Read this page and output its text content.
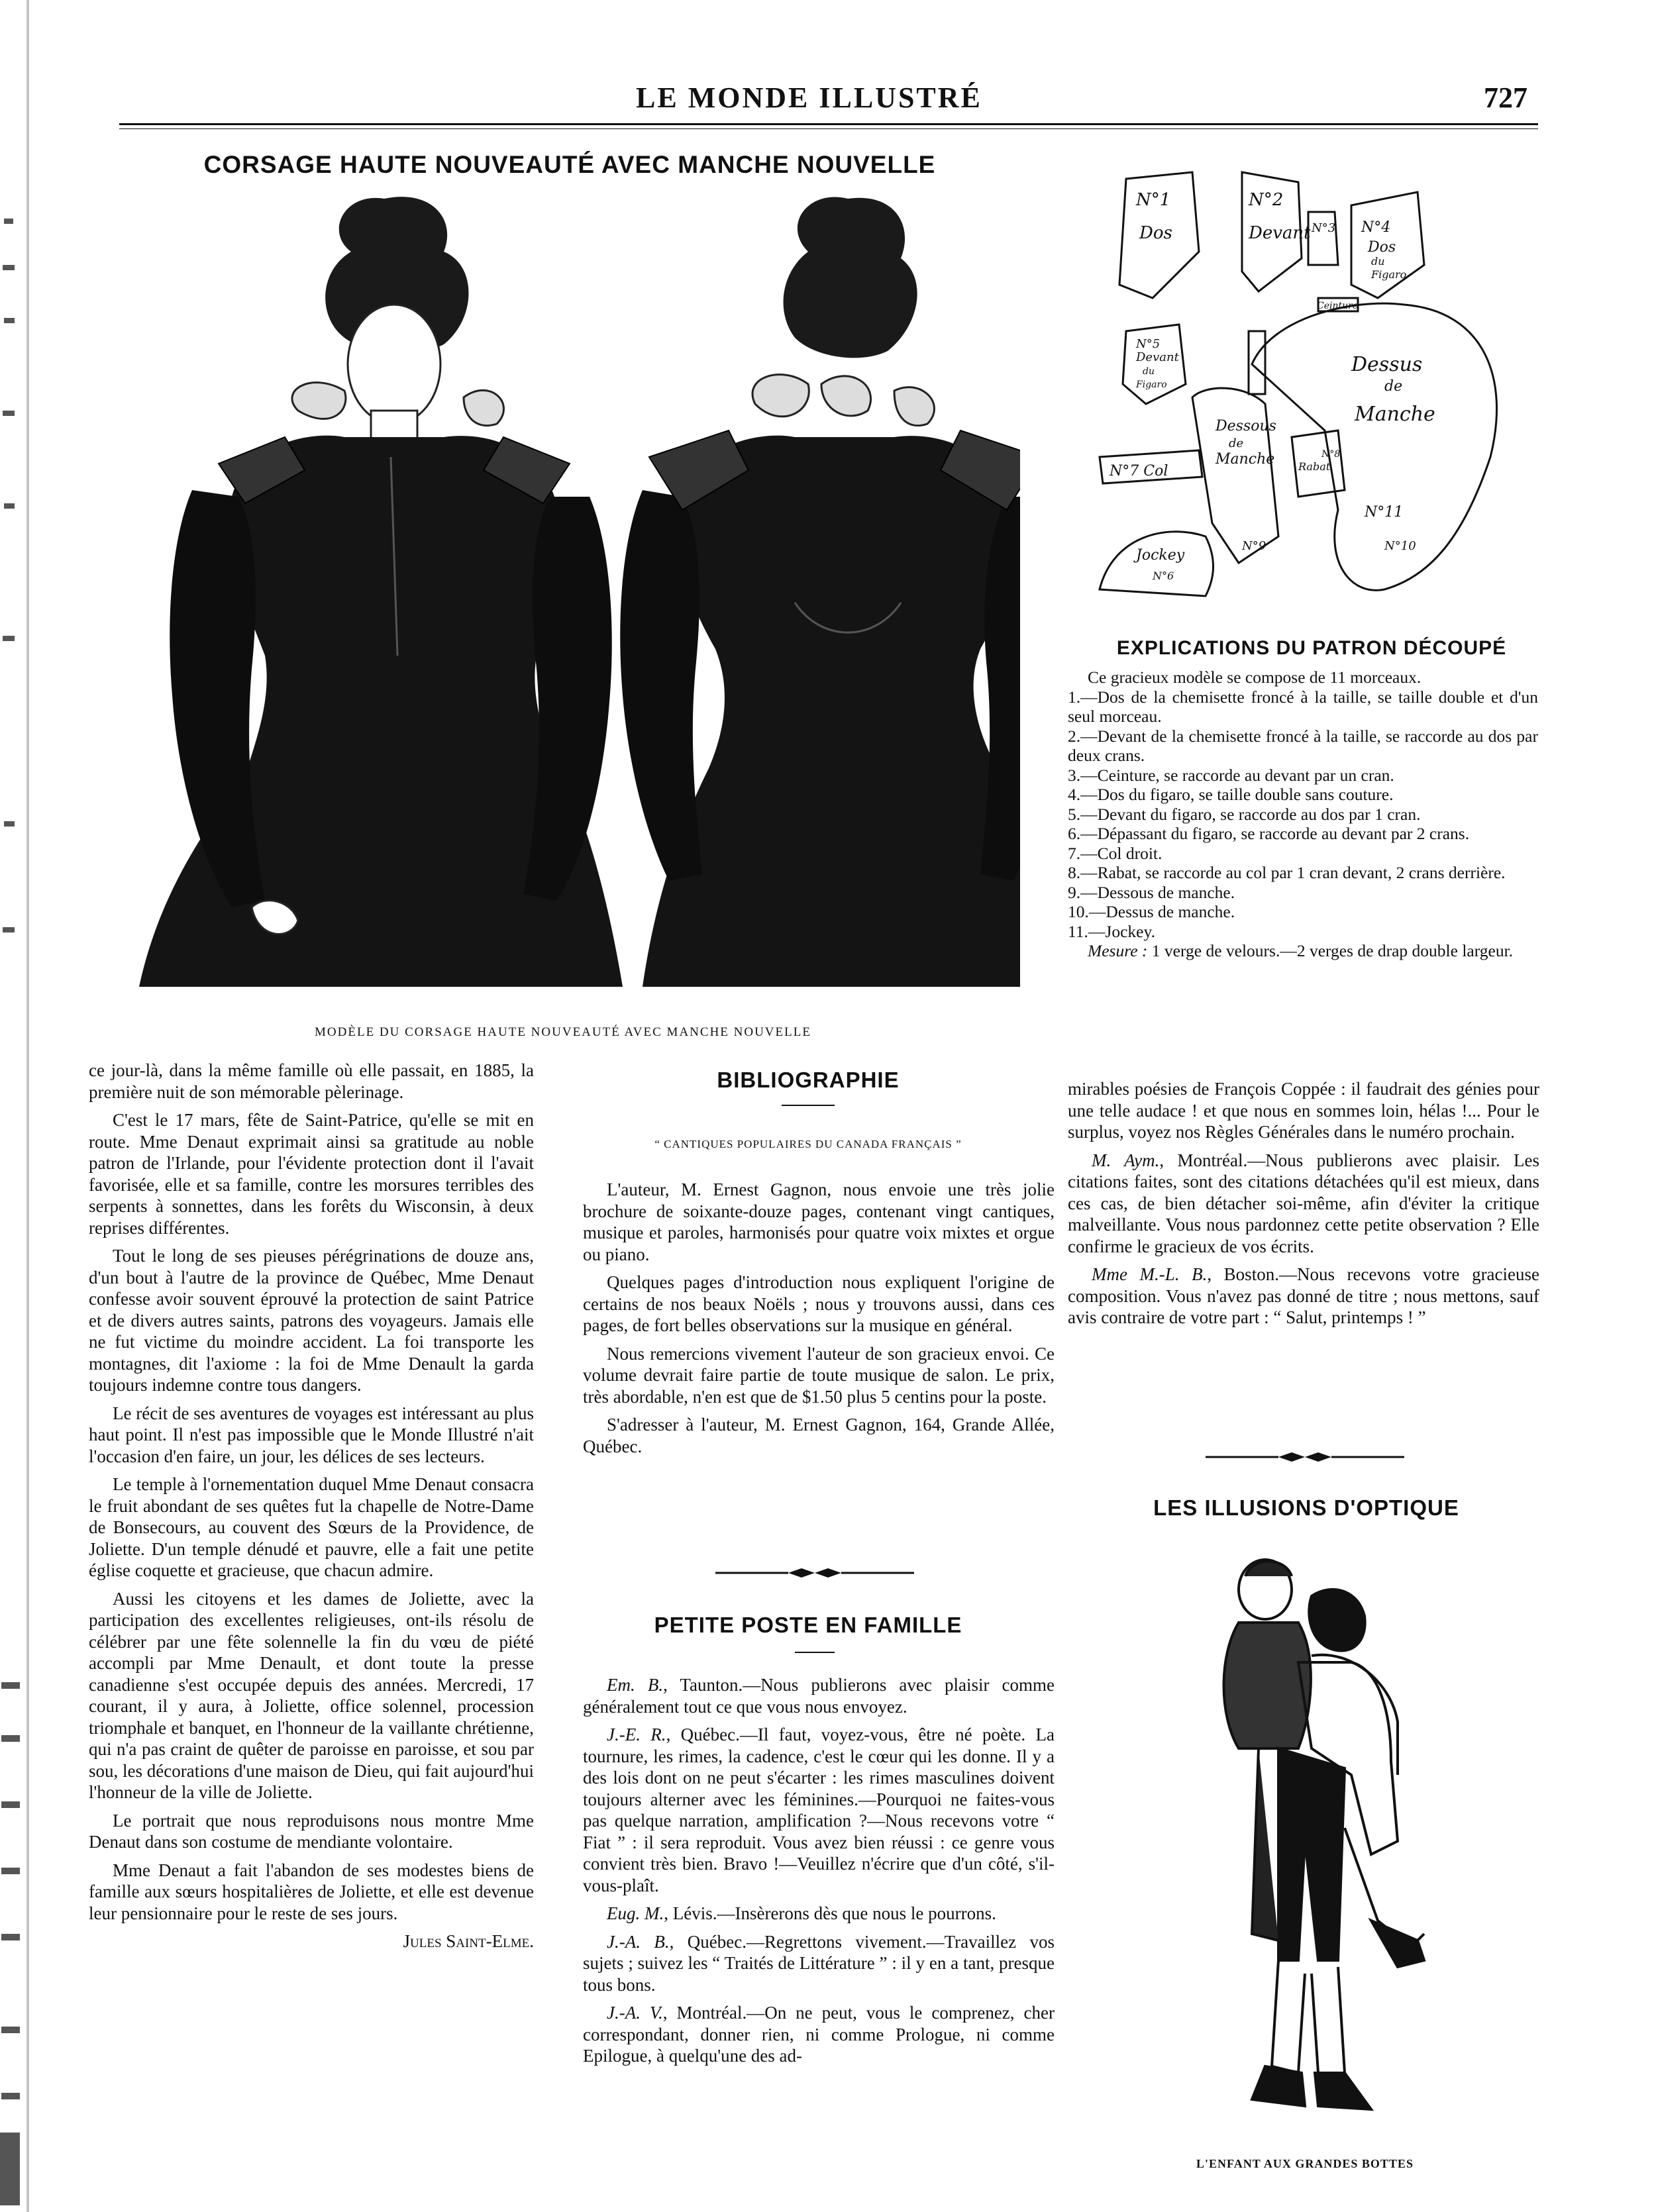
LE MONDE ILLUSTRÉ	727
CORSAGE HAUTE NOUVEAUTÉ AVEC MANCHE NOUVELLE
MODÈLE DU CORSAGE HAUTE NOUVEAUTÉ AVEC MANCHE NOUVELLE
N°1
Dos
N°2
Devant N°3 N°4
Dos
du
Figaro
Ceinture
N°5
Devant
du
Figaro
N°7 Col
Dessous
de
Manche
N°9
Rabat
N°8
Dessus
de
Manche
N°10
N°11
Jockey
N°6
EXPLICATIONS DU PATRON DÉCOUPÉ

Ce gracieux modèle se compose de 11 morceaux.

1.—Dos de la chemisette froncé à la taille, se taille double et d'un seul morceau.

2.—Devant de la chemisette froncé à la taille, se raccorde au dos par deux crans.

3.—Ceinture, se raccorde au devant par un cran.

4.—Dos du figaro, se taille double sans couture.

5.—Devant du figaro, se raccorde au dos par 1 cran.

6.—Dépassant du figaro, se raccorde au devant par 2 crans.

7.—Col droit.

8.—Rabat, se raccorde au col par 1 cran devant, 2 crans derrière.

9.—Dessous de manche.

10.—Dessus de manche.

11.—Jockey.

Mesure : 1 verge de velours.—2 verges de drap double largeur.

ce jour-là, dans la même famille où elle passait, en 1885, la première nuit de son mémorable pèlerinage.

C'est le 17 mars, fête de Saint-Patrice, qu'elle se mit en route. Mme Denaut exprimait ainsi sa gratitude au noble patron de l'Irlande, pour l'évidente protection dont il l'avait favorisée, elle et sa famille, contre les morsures terribles des serpents à sonnettes, dans les forêts du Wisconsin, à deux reprises différentes.

Tout le long de ses pieuses pérégrinations de douze ans, d'un bout à l'autre de la province de Québec, Mme Denaut confesse avoir souvent éprouvé la protection de saint Patrice et de divers autres saints, patrons des voyageurs. Jamais elle ne fut victime du moindre accident. La foi transporte les montagnes, dit l'axiome : la foi de Mme Denault la garda toujours indemne contre tous dangers.

Le récit de ses aventures de voyages est intéressant au plus haut point. Il n'est pas impossible que le Monde Illustré n'ait l'occasion d'en faire, un jour, les délices de ses lecteurs.

Le temple à l'ornementation duquel Mme Denaut consacra le fruit abondant de ses quêtes fut la chapelle de Notre-Dame de Bonsecours, au couvent des Sœurs de la Providence, de Joliette. D'un temple dénudé et pauvre, elle a fait une petite église coquette et gracieuse, que chacun admire.

Aussi les citoyens et les dames de Joliette, avec la participation des excellentes religieuses, ont-ils résolu de célébrer par une fête solennelle la fin du vœu de piété accompli par Mme Denault, et dont toute la presse canadienne s'est occupée depuis des années. Mercredi, 17 courant, il y aura, à Joliette, office solennel, procession triomphale et banquet, en l'honneur de la vaillante chrétienne, qui n'a pas craint de quêter de paroisse en paroisse, et sou par sou, les décorations d'une maison de Dieu, qui fait aujourd'hui l'honneur de la ville de Joliette.

Le portrait que nous reproduisons nous montre Mme Denaut dans son costume de mendiante volontaire.

Mme Denaut a fait l'abandon de ses modestes biens de famille aux sœurs hospitalières de Joliette, et elle est devenue leur pensionnaire pour le reste de ses jours.

Jules Saint-Elme.
BIBLIOGRAPHIE
“ CANTIQUES POPULAIRES DU CANADA FRANÇAIS ”

L'auteur, M. Ernest Gagnon, nous envoie une très jolie brochure de soixante-douze pages, contenant vingt cantiques, musique et paroles, harmonisés pour quatre voix mixtes et orgue ou piano.

Quelques pages d'introduction nous expliquent l'origine de certains de nos beaux Noëls ; nous y trouvons aussi, dans ces pages, de fort belles observations sur la musique en général.

Nous remercions vivement l'auteur de son gracieux envoi. Ce volume devrait faire partie de toute musique de salon. Le prix, très abordable, n'en est que de $1.50 plus 5 centins pour la poste.

S'adresser à l'auteur, M. Ernest Gagnon, 164, Grande Allée, Québec.

PETITE POSTE EN FAMILLE

Em. B., Taunton.—Nous publierons avec plaisir comme généralement tout ce que vous nous envoyez.

J.-E. R., Québec.—Il faut, voyez-vous, être né poète. La tournure, les rimes, la cadence, c'est le cœur qui les donne. Il y a des lois dont on ne peut s'écarter : les rimes masculines doivent toujours alterner avec les féminines.—Pourquoi ne faites-vous pas quelque narration, amplification ?—Nous recevons votre “ Fiat ” : il sera reproduit. Vous avez bien réussi : ce genre vous convient très bien. Bravo !—Veuillez n'écrire que d'un côté, s'il-vous-plaît.

Eug. M., Lévis.—Insèrerons dès que nous le pourrons.

J.-A. B., Québec.—Regrettons vivement.—Travaillez vos sujets ; suivez les “ Traités de Littérature ” : il y en a tant, presque tous bons.

J.-A. V., Montréal.—On ne peut, vous le comprenez, cher correspondant, donner rien, ni comme Prologue, ni comme Epilogue, à quelqu'une des ad-

mirables poésies de François Coppée : il faudrait des génies pour une telle audace ! et que nous en sommes loin, hélas !... Pour le surplus, voyez nos Règles Générales dans le numéro prochain.

M. Aym., Montréal.—Nous publierons avec plaisir. Les citations faites, sont des citations détachées qu'il est mieux, dans ces cas, de bien détacher soi-même, afin d'éviter la critique malveillante. Vous nous pardonnez cette petite observation ? Elle confirme le gracieux de vos écrits.

Mme M.-L. B., Boston.—Nous recevons votre gracieuse composition. Vous n'avez pas donné de titre ; nous mettons, sauf avis contraire de votre part : “ Salut, printemps ! ”

LES ILLUSIONS D'OPTIQUE
L'ENFANT AUX GRANDES BOTTES
